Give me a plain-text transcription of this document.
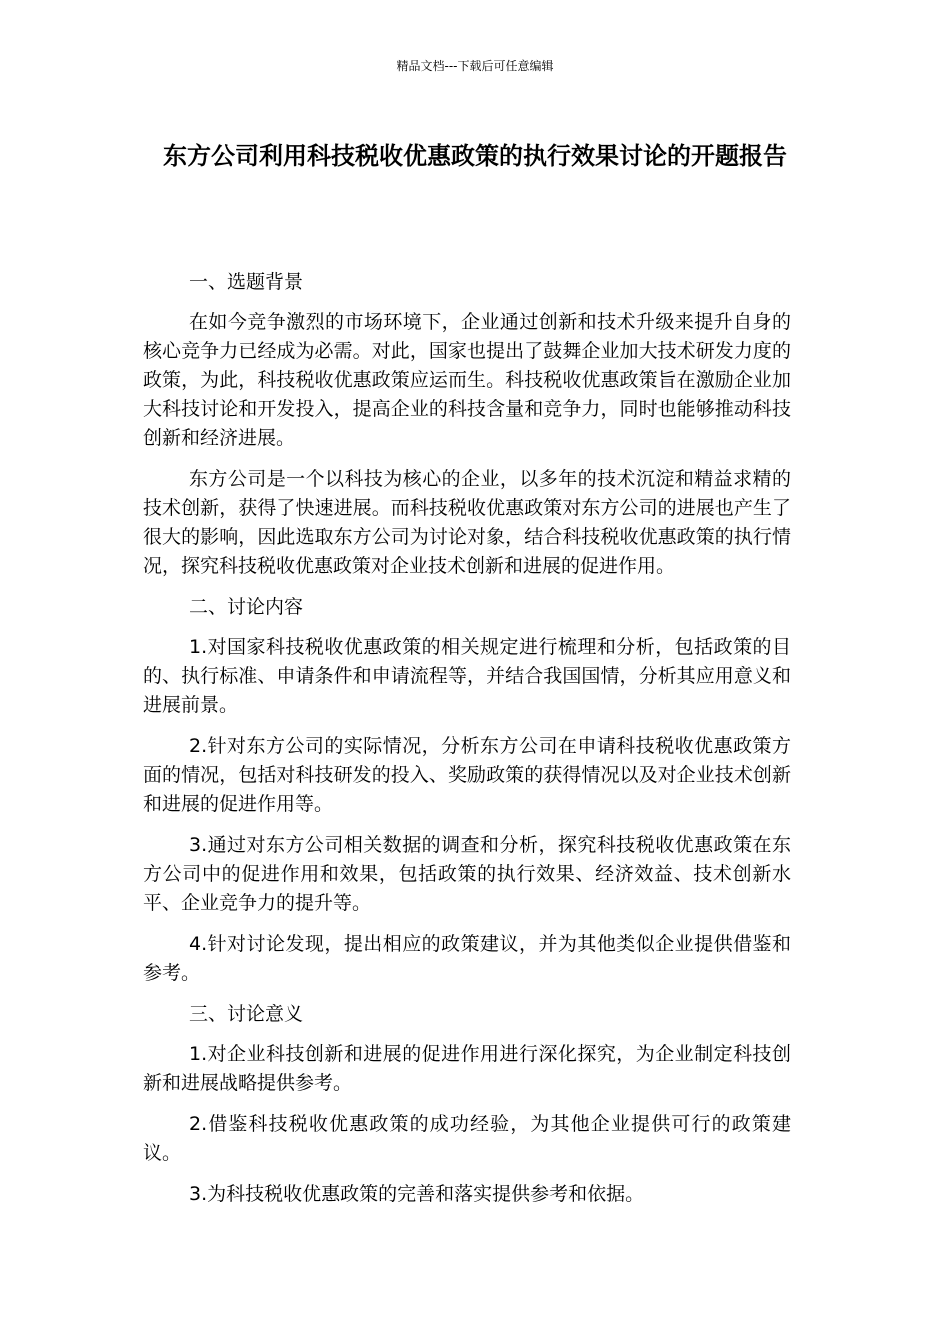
精品文档---下载后可任意编辑
东方公司利用科技税收优惠政策的执行效果讨论的开题报告

一、选题背景

在如今竞争激烈的市场环境下，企业通过创新和技术升级来提升自身的核心竞争力已经成为必需。对此，国家也提出了鼓舞企业加大技术研发力度的政策，为此，科技税收优惠政策应运而生。科技税收优惠政策旨在激励企业加大科技讨论和开发投入，提高企业的科技含量和竞争力，同时也能够推动科技创新和经济进展。

东方公司是一个以科技为核心的企业，以多年的技术沉淀和精益求精的技术创新，获得了快速进展。而科技税收优惠政策对东方公司的进展也产生了很大的影响，因此选取东方公司为讨论对象，结合科技税收优惠政策的执行情况，探究科技税收优惠政策对企业技术创新和进展的促进作用。

二、讨论内容

1.对国家科技税收优惠政策的相关规定进行梳理和分析，包括政策的目的、执行标准、申请条件和申请流程等，并结合我国国情，分析其应用意义和进展前景。

2.针对东方公司的实际情况，分析东方公司在申请科技税收优惠政策方面的情况，包括对科技研发的投入、奖励政策的获得情况以及对企业技术创新和进展的促进作用等。

3.通过对东方公司相关数据的调查和分析，探究科技税收优惠政策在东方公司中的促进作用和效果，包括政策的执行效果、经济效益、技术创新水平、企业竞争力的提升等。

4.针对讨论发现，提出相应的政策建议，并为其他类似企业提供借鉴和参考。

三、讨论意义

1.对企业科技创新和进展的促进作用进行深化探究，为企业制定科技创新和进展战略提供参考。

2.借鉴科技税收优惠政策的成功经验，为其他企业提供可行的政策建议。

3.为科技税收优惠政策的完善和落实提供参考和依据。
